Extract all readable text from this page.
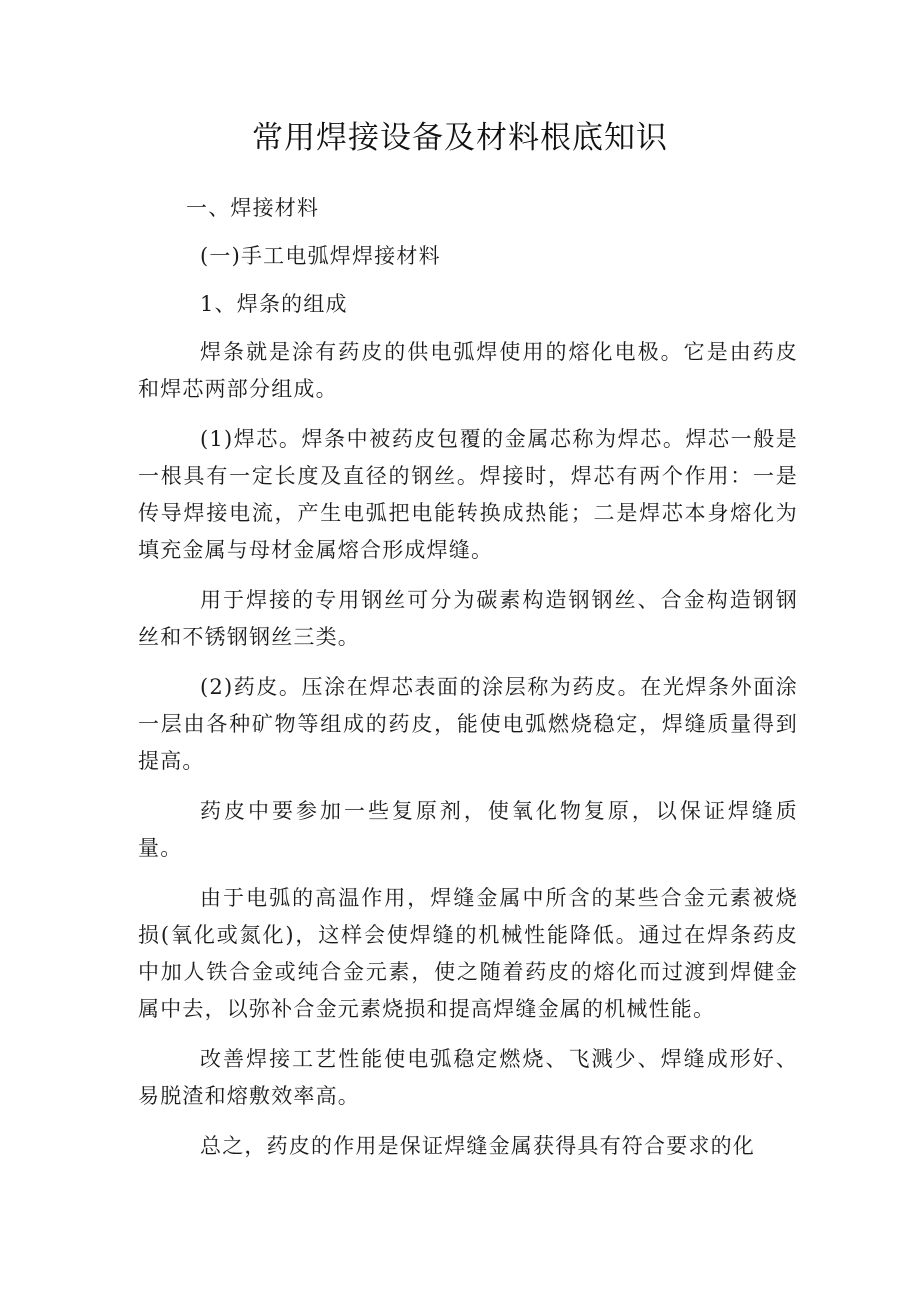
常用焊接设备及材料根底知识

一、焊接材料

(一)手工电弧焊焊接材料

1、焊条的组成

焊条就是涂有药皮的供电弧焊使用的熔化电极。它是由药皮和焊芯两部分组成。

(1)焊芯。焊条中被药皮包覆的金属芯称为焊芯。焊芯一般是一根具有一定长度及直径的钢丝。焊接时，焊芯有两个作用：一是传导焊接电流，产生电弧把电能转换成热能；二是焊芯本身熔化为填充金属与母材金属熔合形成焊缝。

用于焊接的专用钢丝可分为碳素构造钢钢丝、合金构造钢钢丝和不锈钢钢丝三类。

(2)药皮。压涂在焊芯表面的涂层称为药皮。在光焊条外面涂一层由各种矿物等组成的药皮，能使电弧燃烧稳定，焊缝质量得到提高。

药皮中要参加一些复原剂，使氧化物复原，以保证焊缝质量。

由于电弧的高温作用，焊缝金属中所含的某些合金元素被烧损(氧化或氮化)，这样会使焊缝的机械性能降低。通过在焊条药皮中加人铁合金或纯合金元素，使之随着药皮的熔化而过渡到焊健金属中去，以弥补合金元素烧损和提高焊缝金属的机械性能。

改善焊接工艺性能使电弧稳定燃烧、飞溅少、焊缝成形好、易脱渣和熔敷效率高。

总之，药皮的作用是保证焊缝金属获得具有符合要求的化
